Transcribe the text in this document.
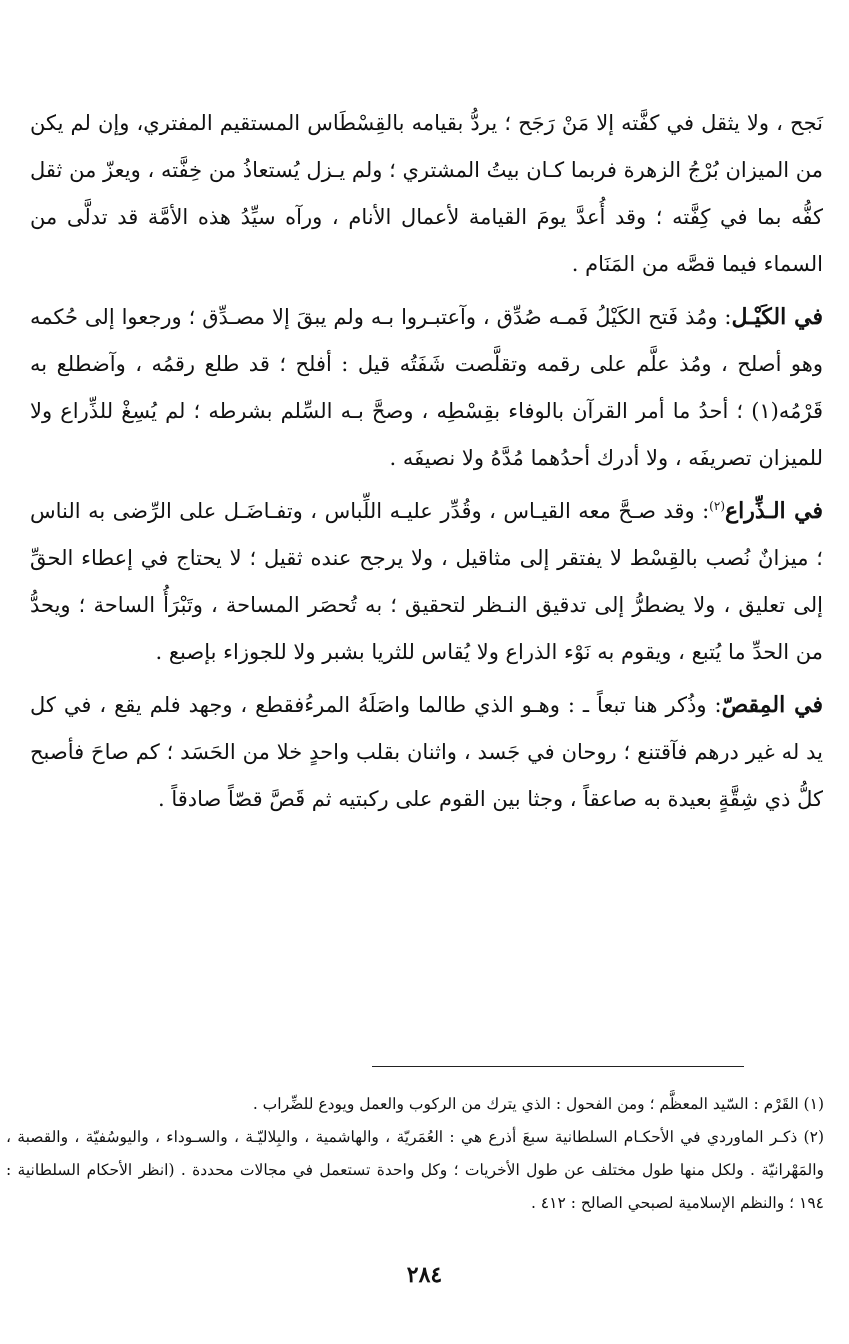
نَجح ، ولا يثقل في كفَّته إلا مَنْ رَجَح ؛ يردُّ بقيامه بالقِسْطَاس المستقيم المفتري، وإن لم يكن من الميزان بُرْجُ الزهرة فربما كـان بيتُ المشتري ؛ ولم يـزل يُستعاذُ من خِفَّته ، ويعزّ من ثقل كفُّه بما في كِفَّته ؛ وقد أُعدَّ يومَ القيامة لأعمال الأنام ، ورآه سيِّدُ هذه الأمَّة قد تدلَّى من السماء فيما قصَّه من المَنَام .

في الكَيْـل: ومُذ فَتح الكَيْلُ فَمـه صُدِّق ، وآعتبـروا بـه ولم يبقَ إلا مصـدِّق ؛ ورجعوا إلى حُكمه وهو أصلح ، ومُذ علَّم على رقمه وتقلَّصت شَفَتُه قيل : أفلح ؛ قد طلع رقمُه ، وآضطلع به قَرْمُه(١) ؛ أحدُ ما أمر القرآن بالوفاء بقِسْطِه ، وصحَّ بـه السِّلم بشرطه ؛ لم يُسِغْ للذِّراع ولا للميزان تصريفَه ، ولا أدرك أحدُهما مُدَّهُ ولا نصيفَه .

في الـذِّراع$^{(٢)}$: وقد صـحَّ معه القيـاس ، وقُدِّر عليـه اللِّباس ، وتفـاضَـل على الرِّضى به الناس ؛ ميزانٌ نُصب بالقِسْط لا يفتقر إلى مثاقيل ، ولا يرجح عنده ثقيل ؛ لا يحتاج في إعطاء الحقِّ إلى تعليق ، ولا يضطرُّ إلى تدقيق النـظر لتحقيق ؛ به تُحصَر المساحة ، وتَبْرَأُ الساحة ؛ ويحدُّ من الحدِّ ما يُتبع ، ويقوم به نَوْء الذراع ولا يُقاس للثريا بشبر ولا للجوزاء بإصبع .

في المِقصّ: وذُكر هنا تبعاً ـ : وهـو الذي طالما واصَلَهُ المرءُفقطع ، وجهد فلم يقع ، في كل يد له غير درهم فآقتنع ؛ روحان في جَسد ، واثنان بقلب واحدٍ خلا من الحَسَد ؛ كم صاحَ فأصبح كلُّ ذي شِقَّةٍ بعيدة به صاعقاً ، وجثا بين القوم على ركبتيه ثم قَصَّ قصّاً صادقاً .

(١) القَرْم : السّيد المعظَّم ؛ ومن الفحول : الذي يترك من الركوب والعمل ويودع للضِّراب .

(٢) ذكـر الماوردي في الأحكـام السلطانية سبعَ أذرع هي : العُمَريّة ، والهاشمية ، والبِلاليّـة ، والسـوداء ، واليوسُفيّة ، والقصبة ، والمَهْرانيّة . ولكل منها طول مختلف عن طول الأخريات ؛ وكل واحدة تستعمل في مجالات محددة . (انظر الأحكام السلطانية : ١٩٤ ؛ والنظم الإسلامية لصبحي الصالح : ٤١٢ .

٢٨٤
